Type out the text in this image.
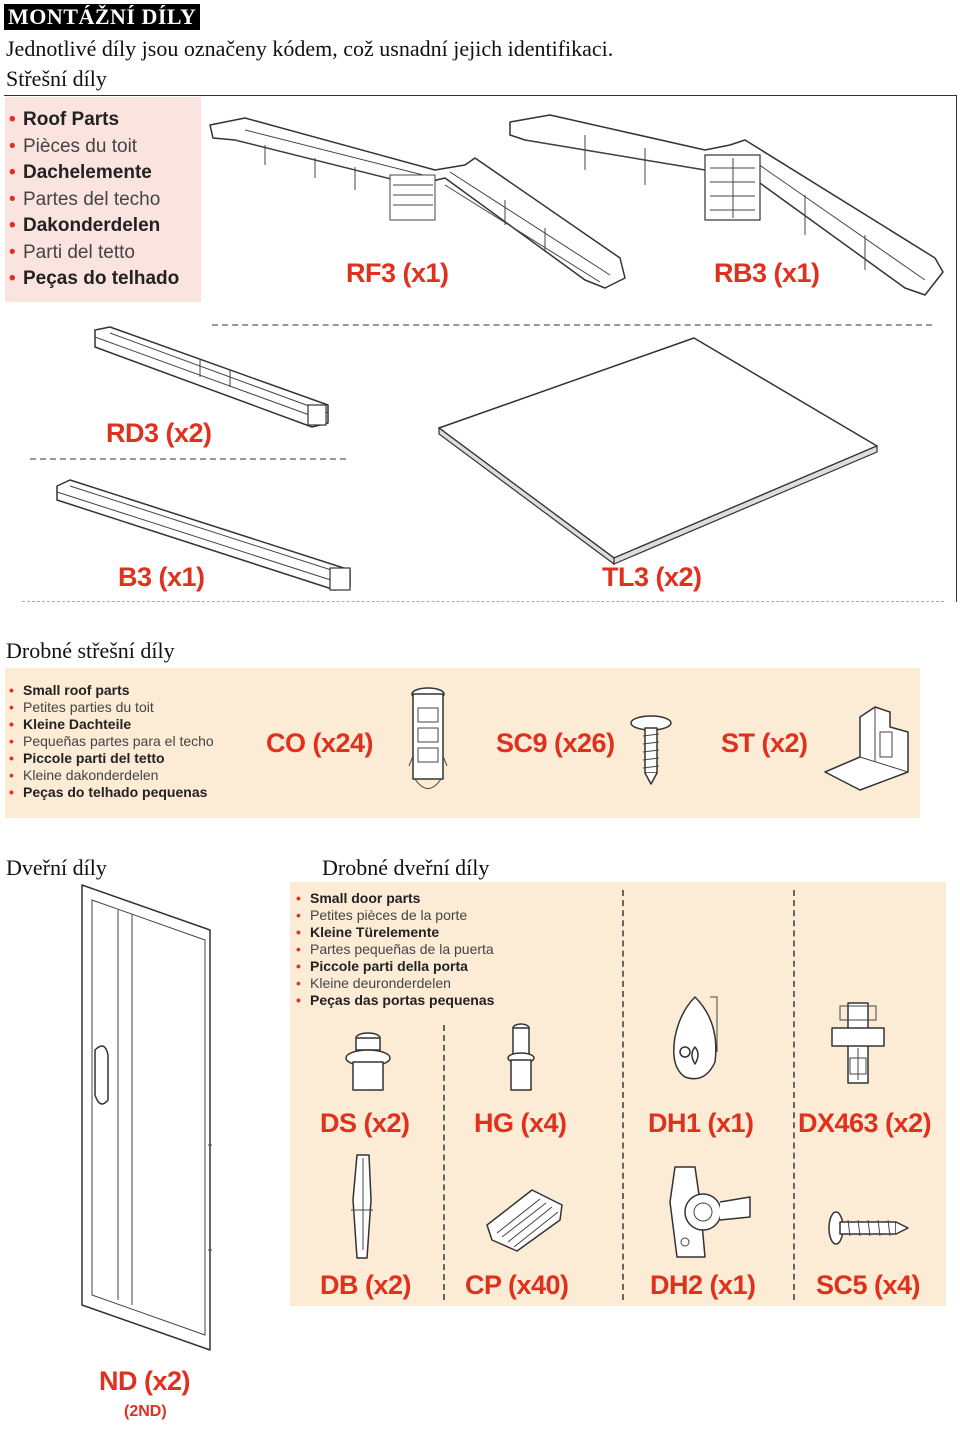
MONTÁŽNÍ DÍLY
Jednotlivé díly jsou označeny kódem, což usnadní jejich identifikaci.
Střešní díly
• Roof Parts
• Pièces du toit
• Dachelemente
• Partes del techo
• Dakonderdelen
• Parti del tetto
• Peças do telhado	RF3 (x1)	RB3 (x1)
RD3 (x2)
TL3 (x2)
B3 (x1)
Drobné střešní díly
• Small roof parts
• Petites parties du toit
• Kleine Dachteile
• Pequeñas partes para el techo
• Piccole parti del tetto
• Kleine dakonderdelen
• Peças do telhado pequenas
CO (x24)	SC9 (x26)	ST (x2)
Dveřní díly
ND (x2)
(2ND)
Drobné dveřní díly
• Small door parts
• Petites pièces de la porte
• Kleine Türelemente
• Partes pequeñas de la puerta
• Piccole parti della porta
• Kleine deuronderdelen
• Peças das portas pequenas
DS (x2) HG (x4)	DH1 (x1) DX463 (x2)
DB (x2) CP (x40)	DH2 (x1) SC5 (x4)
